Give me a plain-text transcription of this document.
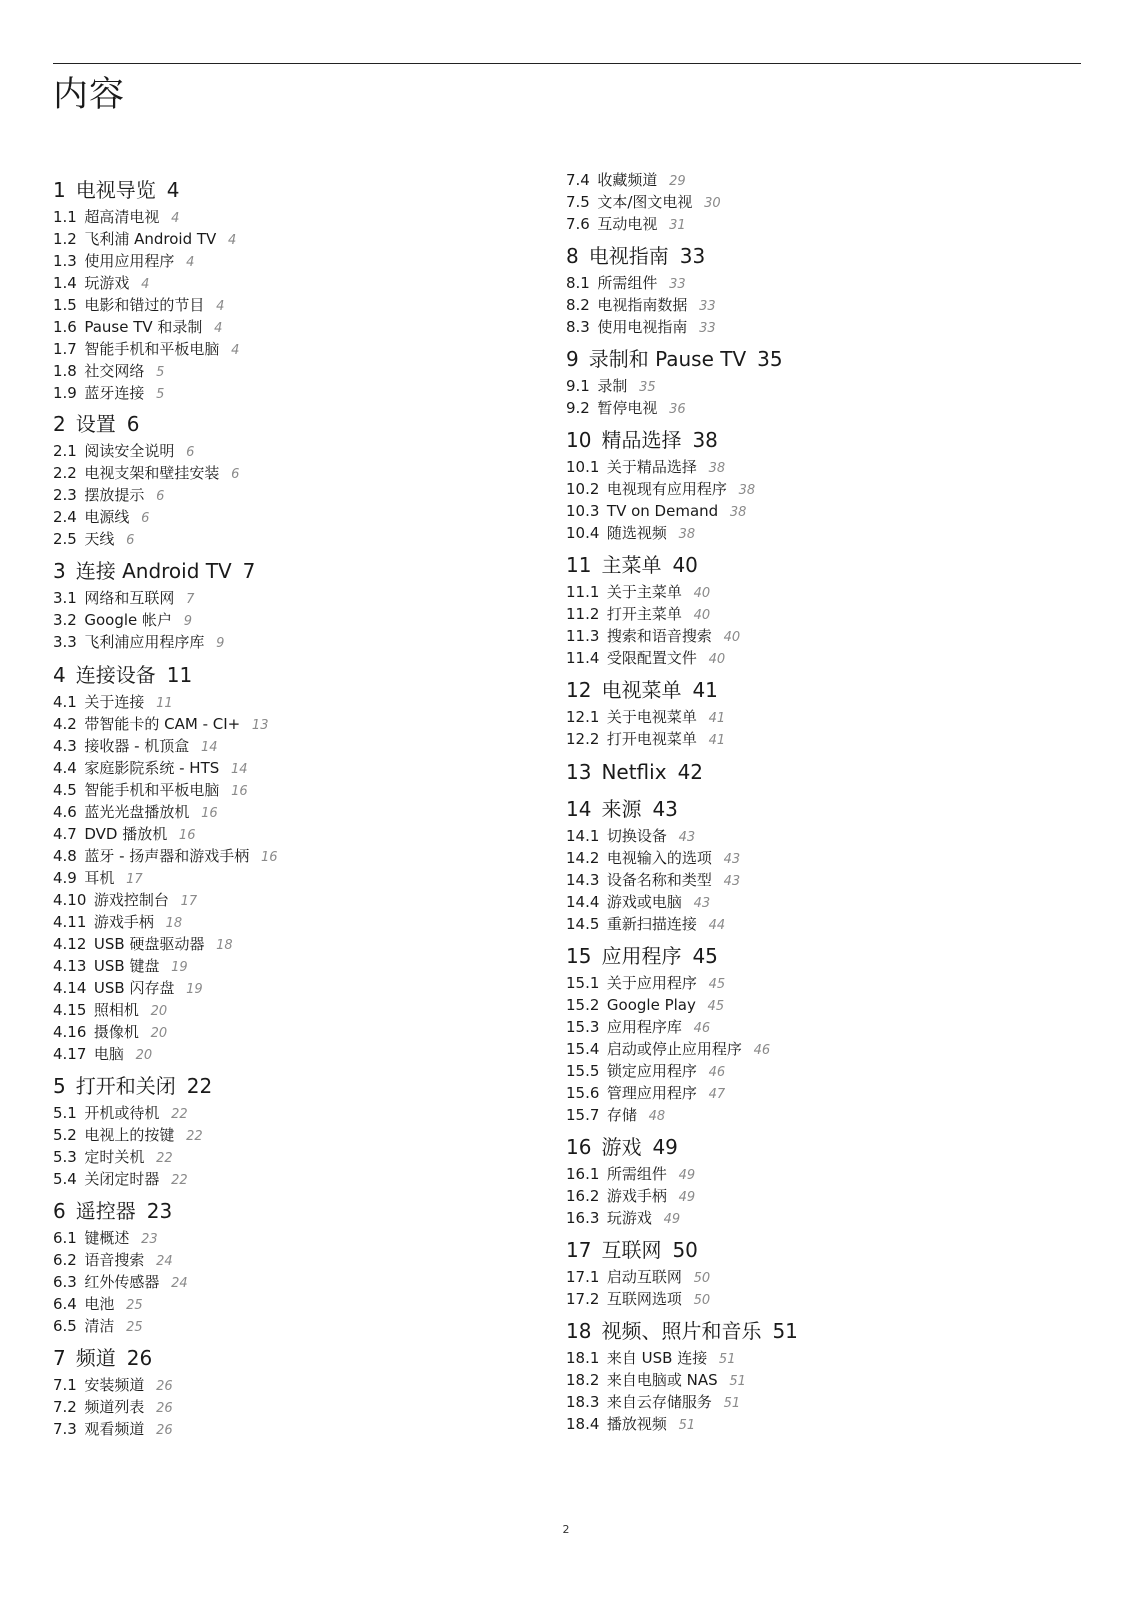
内容
1 电视导览 4
1.1 超高清电视 4
1.2 飞利浦 Android TV 4
1.3 使用应用程序 4
1.4 玩游戏 4
1.5 电影和错过的节目 4
1.6 Pause TV 和录制 4
1.7 智能手机和平板电脑 4
1.8 社交网络 5
1.9 蓝牙连接 5
2 设置 6
2.1 阅读安全说明 6
2.2 电视支架和壁挂安装 6
2.3 摆放提示 6
2.4 电源线 6
2.5 天线 6
3 连接 Android TV 7
3.1 网络和互联网 7
3.2 Google 帐户 9
3.3 飞利浦应用程序库 9
4 连接设备 11
4.1 关于连接 11
4.2 带智能卡的 CAM - CI+ 13
4.3 接收器 - 机顶盒 14
4.4 家庭影院系统 - HTS 14
4.5 智能手机和平板电脑 16
4.6 蓝光光盘播放机 16
4.7 DVD 播放机 16
4.8 蓝牙 - 扬声器和游戏手柄 16
4.9 耳机 17
4.10 游戏控制台 17
4.11 游戏手柄 18
4.12 USB 硬盘驱动器 18
4.13 USB 键盘 19
4.14 USB 闪存盘 19
4.15 照相机 20
4.16 摄像机 20
4.17 电脑 20
5 打开和关闭 22
5.1 开机或待机 22
5.2 电视上的按键 22
5.3 定时关机 22
5.4 关闭定时器 22
6 遥控器 23
6.1 键概述 23
6.2 语音搜索 24
6.3 红外传感器 24
6.4 电池 25
6.5 清洁 25
7 频道 26
7.1 安装频道 26
7.2 频道列表 26
7.3 观看频道 26
7.4 收藏频道 29
7.5 文本/图文电视 30
7.6 互动电视 31
8 电视指南 33
8.1 所需组件 33
8.2 电视指南数据 33
8.3 使用电视指南 33
9 录制和 Pause TV 35
9.1 录制 35
9.2 暂停电视 36
10 精品选择 38
10.1 关于精品选择 38
10.2 电视现有应用程序 38
10.3 TV on Demand 38
10.4 随选视频 38
11 主菜单 40
11.1 关于主菜单 40
11.2 打开主菜单 40
11.3 搜索和语音搜索 40
11.4 受限配置文件 40
12 电视菜单 41
12.1 关于电视菜单 41
12.2 打开电视菜单 41
13 Netflix 42
14 来源 43
14.1 切换设备 43
14.2 电视输入的选项 43
14.3 设备名称和类型 43
14.4 游戏或电脑 43
14.5 重新扫描连接 44
15 应用程序 45
15.1 关于应用程序 45
15.2 Google Play 45
15.3 应用程序库 46
15.4 启动或停止应用程序 46
15.5 锁定应用程序 46
15.6 管理应用程序 47
15.7 存储 48
16 游戏 49
16.1 所需组件 49
16.2 游戏手柄 49
16.3 玩游戏 49
17 互联网 50
17.1 启动互联网 50
17.2 互联网选项 50
18 视频、照片和音乐 51
18.1 来自 USB 连接 51
18.2 来自电脑或 NAS 51
18.3 来自云存储服务 51
18.4 播放视频 51
2
